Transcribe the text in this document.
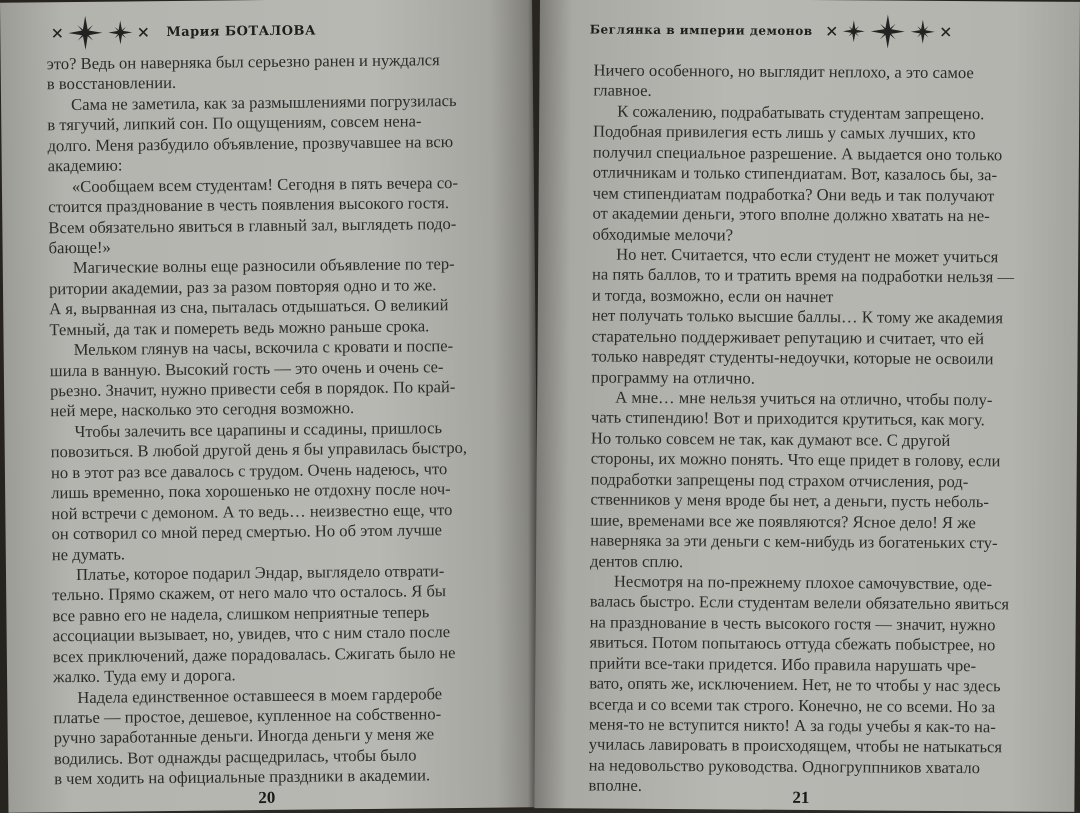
Мария БОТАЛОВА
это? Ведь он наверняка был серьезно ранен и нуждался
в восстановлении.
Сама не заметила, как за размышлениями погрузилась
в тягучий, липкий сон. По ощущениям, совсем нена-
долго. Меня разбудило объявление, прозвучавшее на всю
академию:
«Сообщаем всем студентам! Сегодня в пять вечера со-
стоится празднование в честь появления высокого гостя.
Всем обязательно явиться в главный зал, выглядеть подо-
бающе!»
Магические волны еще разносили объявление по тер-
ритории академии, раз за разом повторяя одно и то же.
А я, вырванная из сна, пыталась отдышаться. О великий
Темный, да так и помереть ведь можно раньше срока.
Мельком глянув на часы, вскочила с кровати и поспе-
шила в ванную. Высокий гость — это очень и очень се-
рьезно. Значит, нужно привести себя в порядок. По край-
ней мере, насколько это сегодня возможно.
Чтобы залечить все царапины и ссадины, пришлось
повозиться. В любой другой день я бы управилась быстро,
но в этот раз все давалось с трудом. Очень надеюсь, что
лишь временно, пока хорошенько не отдохну после ноч-
ной встречи с демоном. А то ведь… неизвестно еще, что
он сотворил со мной перед смертью. Но об этом лучше
не думать.
Платье, которое подарил Эндар, выглядело отврати-
тельно. Прямо скажем, от него мало что осталось. Я бы
все равно его не надела, слишком неприятные теперь
ассоциации вызывает, но, увидев, что с ним стало после
всех приключений, даже порадовалась. Сжигать было не
жалко. Туда ему и дорога.
Надела единственное оставшееся в моем гардеробе
платье — простое, дешевое, купленное на собственно-
ручно заработанные деньги. Иногда деньги у меня же
водились. Вот однажды расщедрилась, чтобы было
в чем ходить на официальные праздники в академии.
20
Беглянка в империи демонов
Ничего особенного, но выглядит неплохо, а это самое
главное.
К сожалению, подрабатывать студентам запрещено.
Подобная привилегия есть лишь у самых лучших, кто
получил специальное разрешение. А выдается оно только
отличникам и только стипендиатам. Вот, казалось бы, за-
чем стипендиатам подработка? Они ведь и так получают
от академии деньги, этого вполне должно хватать на не-
обходимые мелочи?
Но нет. Считается, что если студент не может учиться
на пять баллов, то и тратить время на подработки нельзя —
и тогда, возможно, если он начнет
нет получать только высшие баллы… К тому же академия
старательно поддерживает репутацию и считает, что ей
только навредят студенты-недоучки, которые не освоили
программу на отлично.
А мне… мне нельзя учиться на отлично, чтобы полу-
чать стипендию! Вот и приходится крутиться, как могу.
Но только совсем не так, как думают все. С другой
стороны, их можно понять. Что еще придет в голову, если
подработки запрещены под страхом отчисления, род-
ственников у меня вроде бы нет, а деньги, пусть неболь-
шие, временами все же появляются? Ясное дело! Я же
наверняка за эти деньги с кем-нибудь из богатеньких сту-
дентов сплю.
Несмотря на по-прежнему плохое самочувствие, оде-
валась быстро. Если студентам велели обязательно явиться
на празднование в честь высокого гостя — значит, нужно
явиться. Потом попытаюсь оттуда сбежать побыстрее, но
прийти все-таки придется. Ибо правила нарушать чре-
вато, опять же, исключением. Нет, не то чтобы у нас здесь
всегда и со всеми так строго. Конечно, не со всеми. Но за
меня-то не вступится никто! А за годы учебы я как-то на-
училась лавировать в происходящем, чтобы не натыкаться
на недовольство руководства. Одногруппников хватало
вполне.
21
